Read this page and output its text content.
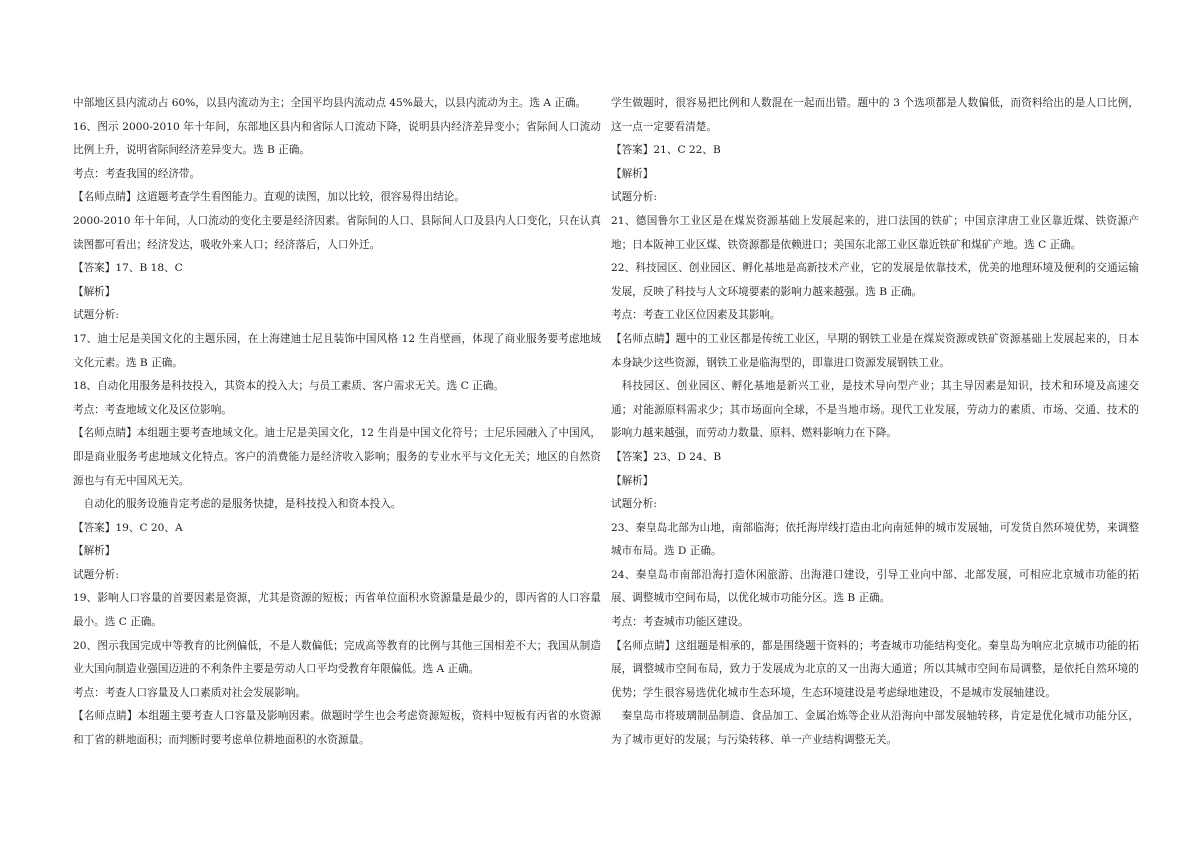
中部地区县内流动占 60%，以县内流动为主；全国平均县内流动点 45%最大，以县内流动为主。选 A 正确。

16、图示 2000-2010 年十年间，东部地区县内和省际人口流动下降，说明县内经济差异变小；省际间人口流动比例上升，说明省际间经济差异变大。选 B 正确。

考点：考查我国的经济带。

【名师点睛】这道题考查学生看图能力。直观的读图，加以比较，很容易得出结论。

2000-2010 年十年间，人口流动的变化主要是经济因素。省际间的人口、县际间人口及县内人口变化，只在认真读图都可看出；经济发达，吸收外来人口；经济落后，人口外迁。

【答案】17、B 18、C

【解析】

试题分析:

17、迪士尼是美国文化的主题乐园，在上海建迪士尼且装饰中国风格 12 生肖壁画，体现了商业服务要考虑地域文化元素。选 B 正确。

18、自动化用服务是科技投入，其资本的投入大；与员工素质、客户需求无关。选 C 正确。

考点：考查地域文化及区位影响。

【名师点睛】本组题主要考查地域文化。迪士尼是美国文化，12 生肖是中国文化符号；士尼乐园融入了中国风，即是商业服务考虑地域文化特点。客户的消费能力是经济收入影响；服务的专业水平与文化无关；地区的自然资源也与有无中国风无关。

自动化的服务设施肯定考虑的是服务快捷，是科技投入和资本投入。

【答案】19、C 20、A

【解析】

试题分析:

19、影响人口容量的首要因素是资源，尤其是资源的短板；丙省单位面积水资源量是最少的，即丙省的人口容量最小。选 C 正确。

20、图示我国完成中等教育的比例偏低，不是人数偏低；完成高等教育的比例与其他三国相差不大；我国从制造业大国向制造业强国迈进的不利条件主要是劳动人口平均受教育年限偏低。选 A 正确。

考点：考查人口容量及人口素质对社会发展影响。

【名师点睛】本组题主要考查人口容量及影响因素。做题时学生也会考虑资源短板，资料中短板有丙省的水资源和丁省的耕地面积；而判断时要考虑单位耕地面积的水资源量。

学生做题时，很容易把比例和人数混在一起而出错。题中的 3 个选项都是人数偏低，而资料给出的是人口比例，这一点一定要看清楚。

【答案】21、C 22、B

【解析】

试题分析:

21、德国鲁尔工业区是在煤炭资源基础上发展起来的，进口法国的铁矿；中国京津唐工业区靠近煤、铁资源产地；日本阪神工业区煤、铁资源都是依赖进口；美国东北部工业区靠近铁矿和煤矿产地。选 C 正确。

22、科技园区、创业园区、孵化基地是高新技术产业，它的发展是依靠技术，优美的地理环境及便利的交通运输发展，反映了科技与人文环境要素的影响力越来越强。选 B 正确。

考点：考查工业区位因素及其影响。

【名师点睛】题中的工业区都是传统工业区，早期的钢铁工业是在煤炭资源或铁矿资源基础上发展起来的，日本本身缺少这些资源，钢铁工业是临海型的，即靠进口资源发展钢铁工业。

科技园区、创业园区、孵化基地是新兴工业，是技术导向型产业；其主导因素是知识，技术和环境及高速交通；对能源原料需求少；其市场面向全球，不是当地市场。现代工业发展，劳动力的素质、市场、交通、技术的影响力越来越强，而劳动力数量、原料、燃料影响力在下降。

【答案】23、D 24、B

【解析】

试题分析:

23、秦皇岛北部为山地，南部临海；依托海岸线打造由北向南延伸的城市发展轴，可发货自然环境优势，来调整城市布局。选 D 正确。

24、秦皇岛市南部沿海打造休闲旅游、出海港口建设，引导工业向中部、北部发展，可相应北京城市功能的拓展、调整城市空间布局，以优化城市功能分区。选 B 正确。

考点：考查城市功能区建设。

【名师点睛】这组题是相承的，都是围绕题干资料的；考查城市功能结构变化。秦皇岛为响应北京城市功能的拓展，调整城市空间布局，致力于发展成为北京的又一出海大通道；所以其城市空间布局调整，是依托自然环境的优势；学生很容易选优化城市生态环境，生态环境建设是考虑绿地建设，不是城市发展轴建设。

秦皇岛市将玻璃制品制造、食品加工、金属冶炼等企业从沿海向中部发展轴转移，肯定是优化城市功能分区，为了城市更好的发展；与污染转移、单一产业结构调整无关。
